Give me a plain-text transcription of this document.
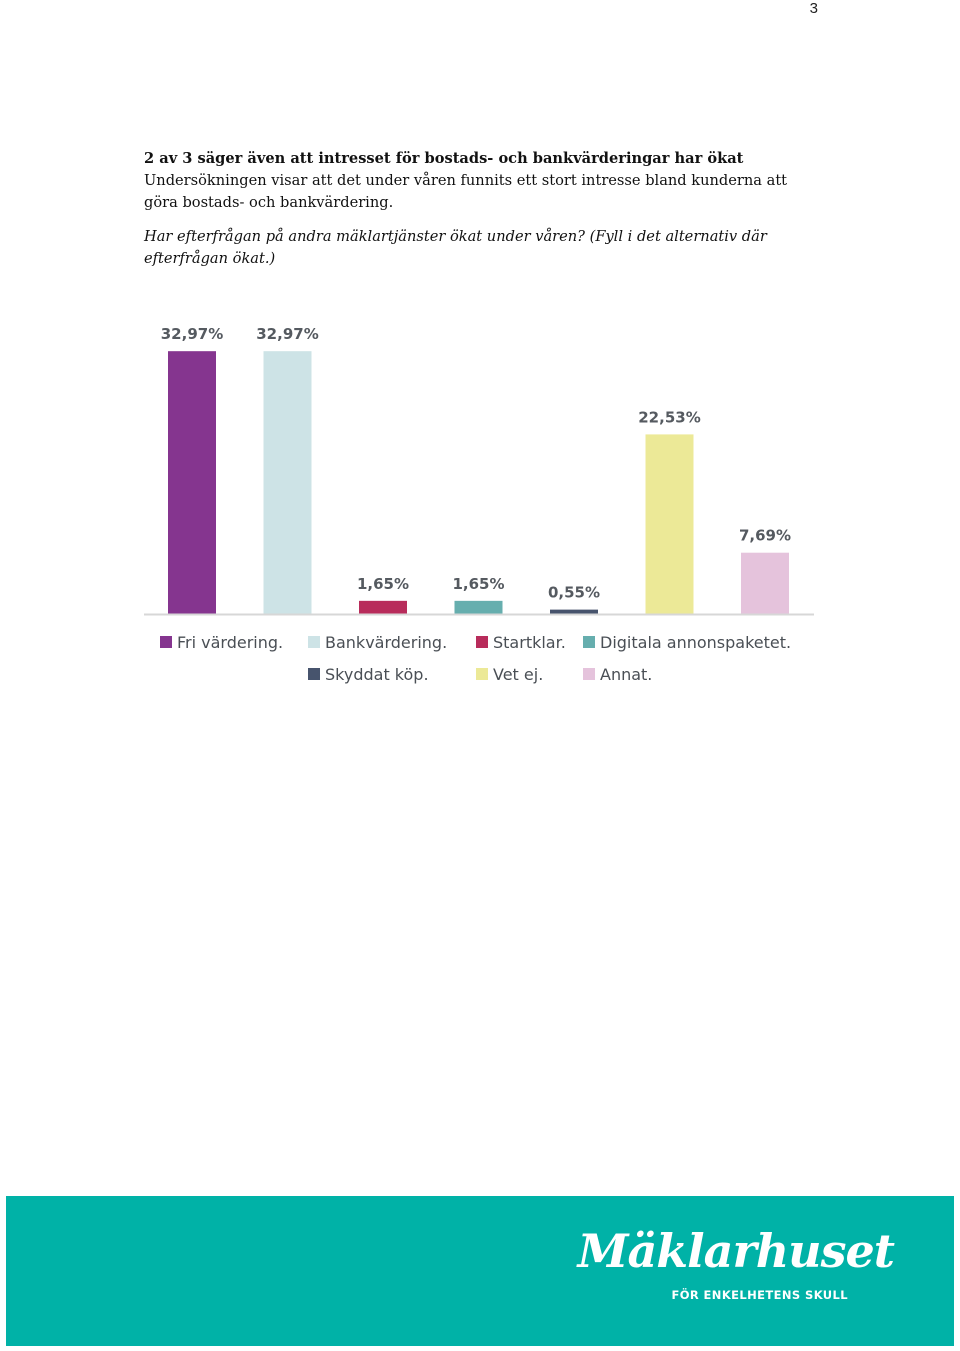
3

2 av 3 säger även att intresset för bostads- och bankvärderingar har ökat

Undersökningen visar att det under våren funnits ett stort intresse bland kunderna att göra bostads- och bankvärdering.

Har efterfrågan på andra mäklartjänster ökat under våren? (Fyll i det alternativ där efterfrågan ökat.)

32,97% 32,97%
1,65%	1,65%	0,55%
22,53%
7,69%
Fri värdering.	Bankvärdering.	Startklar. Digitala annonspaketet.
Skyddat köp.	Vet ej.	Annat.
Mäklarhuset
FÖR ENKELHETENS SKULL
